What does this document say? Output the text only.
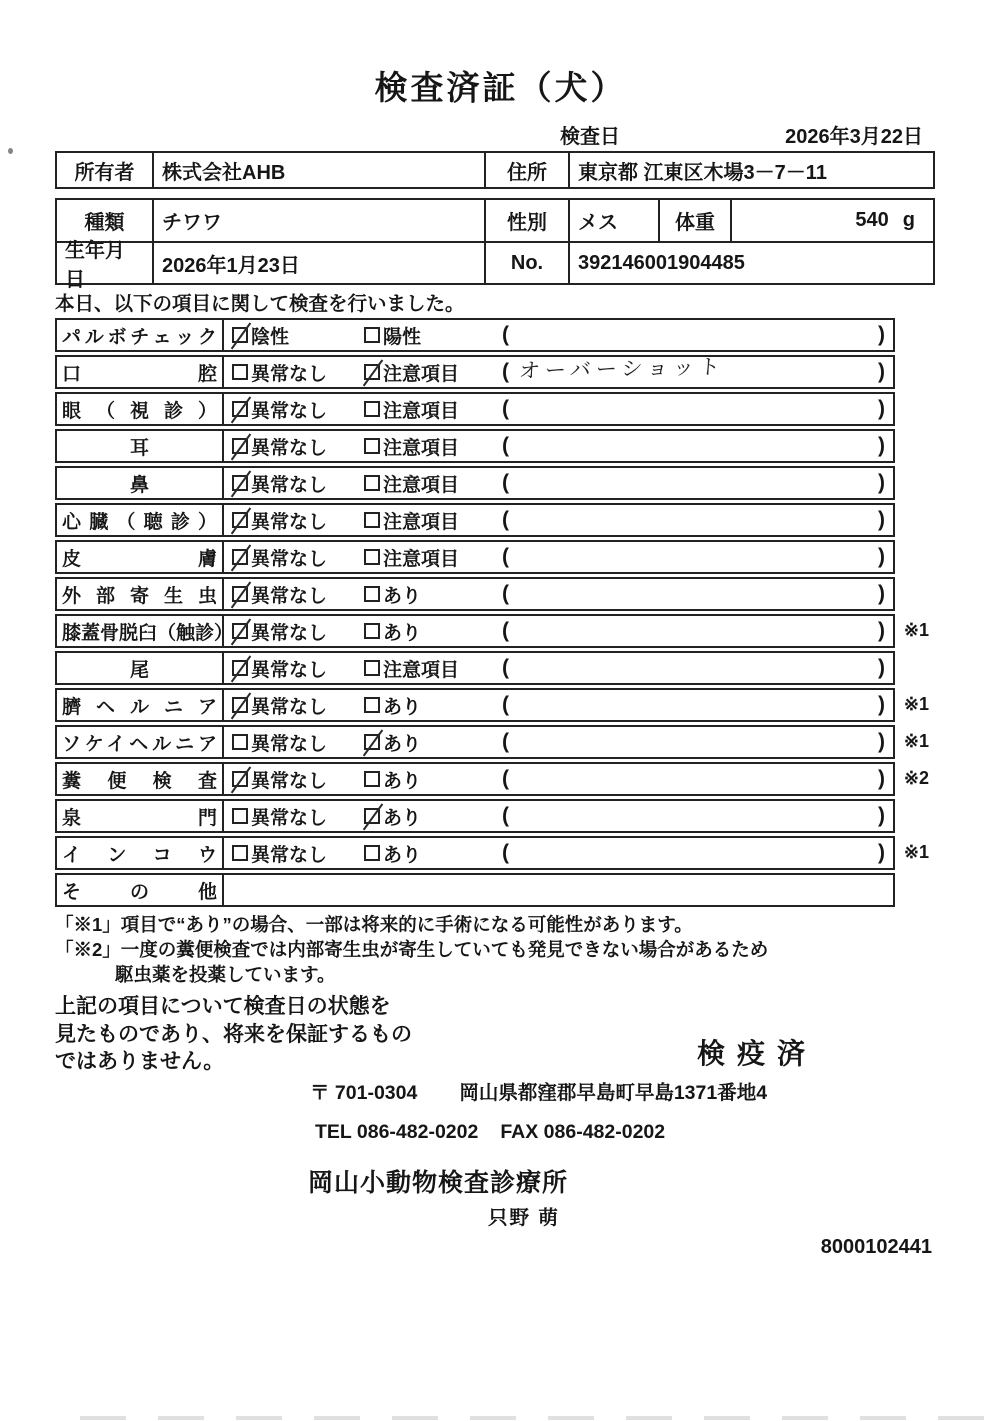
検査済証（犬）
検査日	2026年3月22日
所有者	株式会社AHB	住所	東京都 江東区木場3－7－11
種類	チワワ	性別	メス	体重	540 g
生年月日
2026年1月23日	No.	392146001904485
本日、以下の項目に関して検査を行いました。
パルボチェック 陰性	陽性	(	)
口腔 異常なし	注意項目 ( オーバーショット	)
眼（視診） 異常なし	注意項目 (	)
耳	異常なし	注意項目 (	)
鼻	異常なし	注意項目 (	)
心臓（聴診） 異常なし	注意項目 (	)
皮膚 異常なし	注意項目 (	)
外部寄生虫 異常なし	あり	(	)
膝蓋骨脱臼（触診） 異常なし	あり	(	) ※1
尾	異常なし	注意項目 (	)
臍ヘルニア 異常なし	あり	(	) ※1
ソケイヘルニア 異常なし	あり	(	) ※1
糞便検査 異常なし	あり	(	) ※2
泉門 異常なし	あり	(	)
インコウ 異常なし	あり	(	) ※1
その他
「※1」項目で“あり”の場合、一部は将来的に手術になる可能性があります。
「※2」一度の糞便検査では内部寄生虫が寄生していても発見できない場合があるため
駆虫薬を投薬しています。
上記の項目について検査日の状態を
見たものであり、将来を保証するもの
ではありません。	検疫済
〒 701-0304 岡山県都窪郡早島町早島1371番地4
TEL 086-482-0202 FAX 086-482-0202
岡山小動物検査診療所
只野 萌
8000102441
